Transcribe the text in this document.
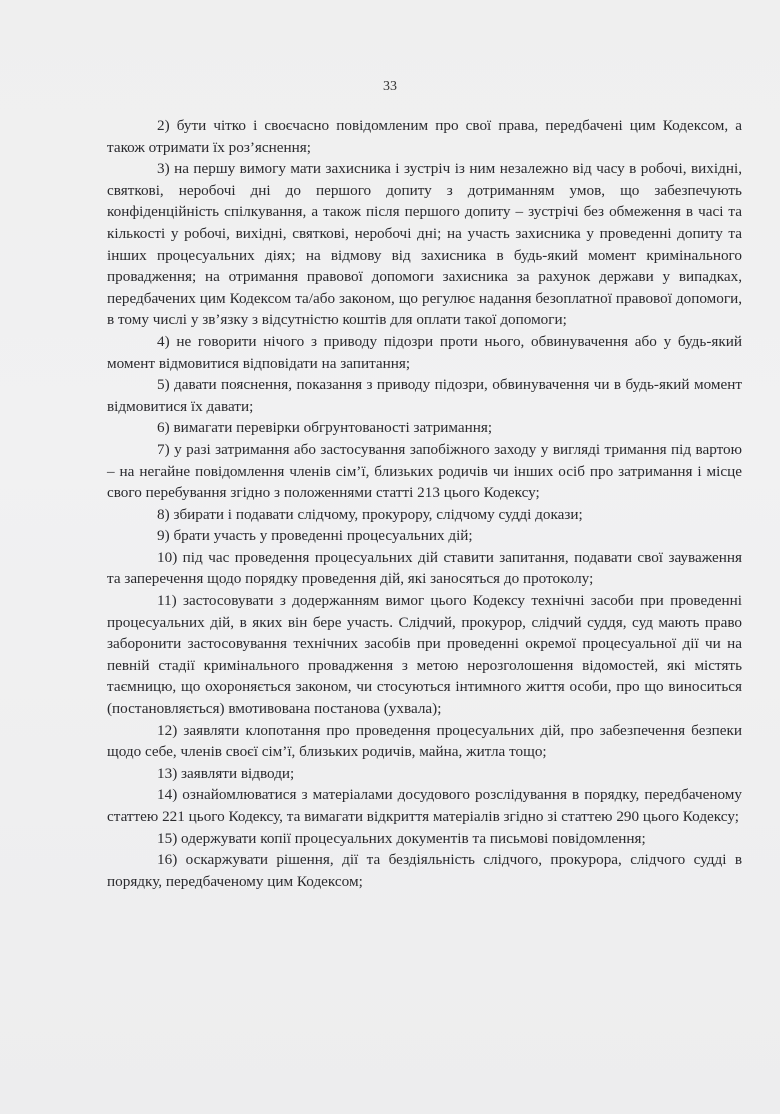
33

2) бути чітко і своєчасно повідомленим про свої права, передбачені цим Кодексом, а також отримати їх роз’яснення;

3) на першу вимогу мати захисника і зустріч із ним незалежно від часу в робочі, вихідні, святкові, неробочі дні до першого допиту з дотриманням умов, що забезпечують конфіденційність спілкування, а також після першого допиту – зустрічі без обмеження в часі та кількості у робочі, вихідні, святкові, неробочі дні; на участь захисника у проведенні допиту та інших процесуальних діях; на відмову від захисника в будь-який момент кримінального провадження; на отримання правової допомоги захисника за рахунок держави у випадках, передбачених цим Кодексом та/або законом, що регулює надання безоплатної правової допомоги, в тому числі у зв’язку з відсутністю коштів для оплати такої допомоги;

4) не говорити нічого з приводу підозри проти нього, обвинувачення або у будь-який момент відмовитися відповідати на запитання;

5) давати пояснення, показання з приводу підозри, обвинувачення чи в будь-який момент відмовитися їх давати;

6) вимагати перевірки обгрунтованості затримання;

7) у разі затримання або застосування запобіжного заходу у вигляді тримання під вартою – на негайне повідомлення членів сім’ї, близьких родичів чи інших осіб про затримання і місце свого перебування згідно з положеннями статті 213 цього Кодексу;

8) збирати і подавати слідчому, прокурору, слідчому судді докази;

9) брати участь у проведенні процесуальних дій;

10) під час проведення процесуальних дій ставити запитання, подавати свої зауваження та заперечення щодо порядку проведення дій, які заносяться до протоколу;

11) застосовувати з додержанням вимог цього Кодексу технічні засоби при проведенні процесуальних дій, в яких він бере участь. Слідчий, прокурор, слідчий суддя, суд мають право заборонити застосовування технічних засобів при проведенні окремої процесуальної дії чи на певній стадії кримінального провадження з метою нерозголошення відомостей, які містять таємницю, що охороняється законом, чи стосуються інтимного життя особи, про що виноситься (постановляється) вмотивована постанова (ухвала);

12) заявляти клопотання про проведення процесуальних дій, про забезпечення безпеки щодо себе, членів своєї сім’ї, близьких родичів, майна, житла тощо;

13) заявляти відводи;

14) ознайомлюватися з матеріалами досудового розслідування в порядку, передбаченому статтею 221 цього Кодексу, та вимагати відкриття матеріалів згідно зі статтею 290 цього Кодексу;

15) одержувати копії процесуальних документів та письмові повідомлення;

16) оскаржувати рішення, дії та бездіяльність слідчого, прокурора, слідчого судді в порядку, передбаченому цим Кодексом;
